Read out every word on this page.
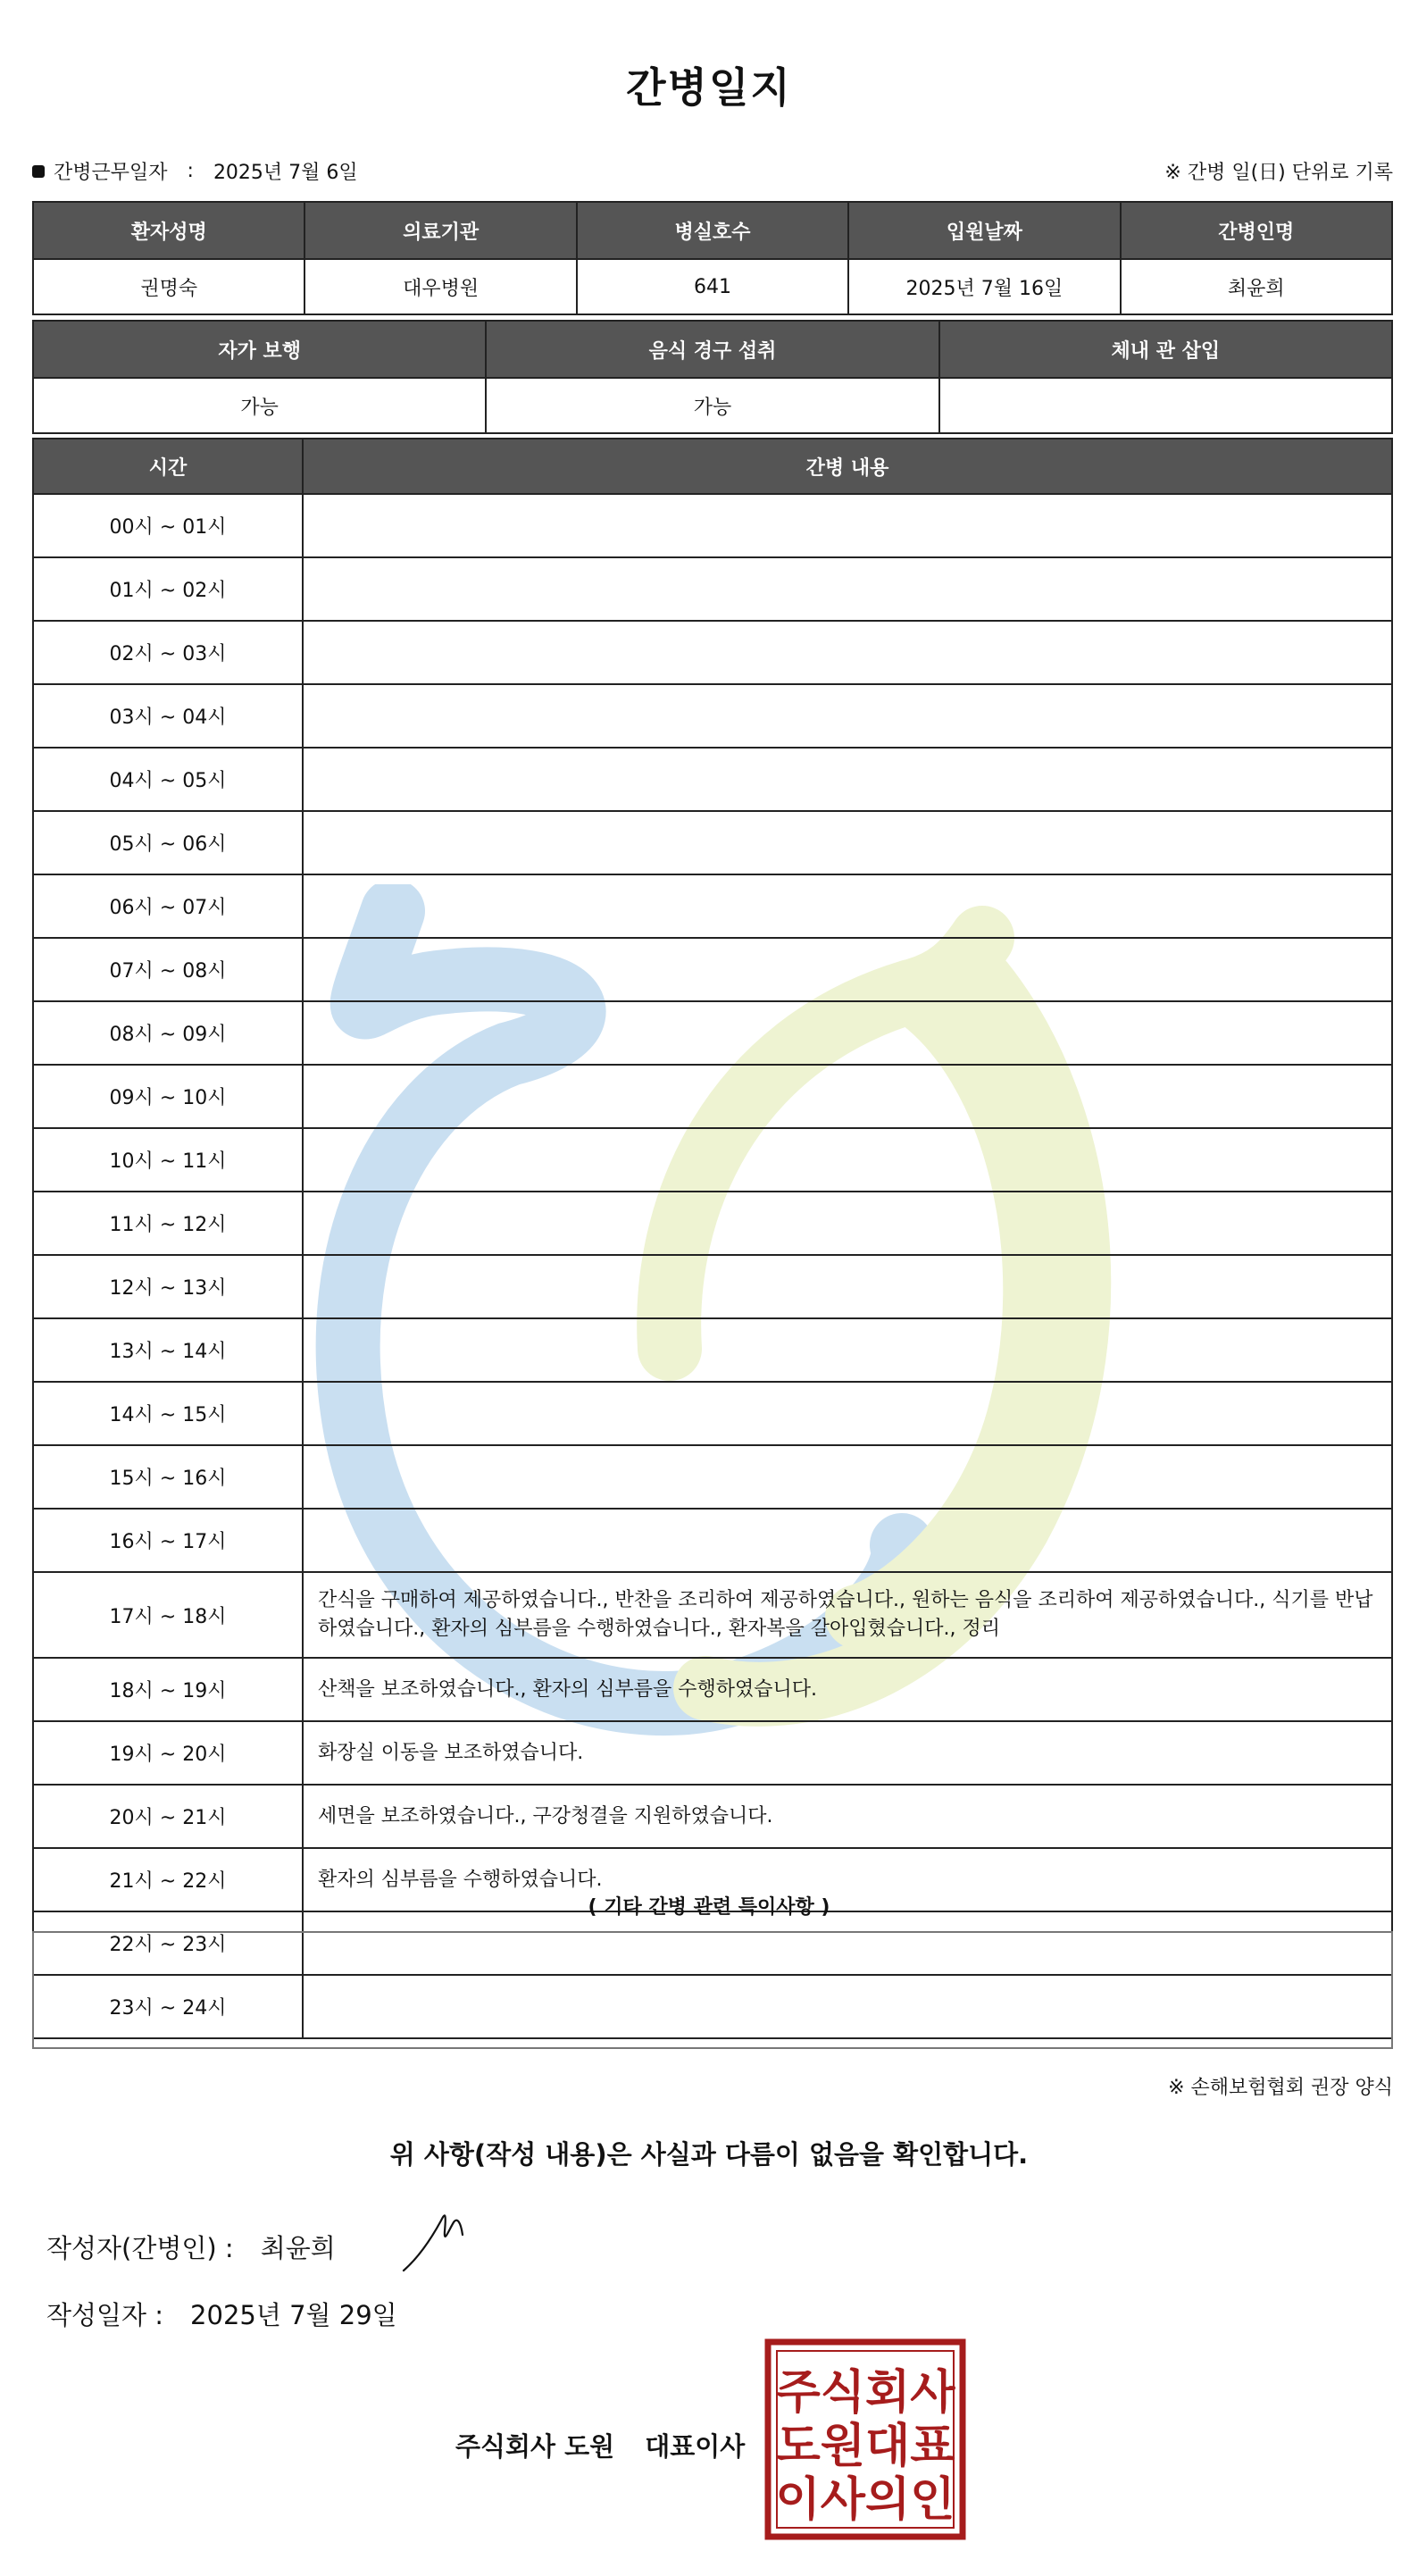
간병일지
간병근무일자 : 2025년 7월 6일	※ 간병 일(日) 단위로 기록
환자성명	의료기관	병실호수	입원날짜	간병인명
권명숙	대우병원	641	2025년 7월 16일	최윤희
자가 보행	음식 경구 섭취	체내 관 삽입
가능	가능	
시간	간병 내용
00시 ~ 01시	
01시 ~ 02시	
02시 ~ 03시	
03시 ~ 04시	
04시 ~ 05시	
05시 ~ 06시	
06시 ~ 07시	
07시 ~ 08시	
08시 ~ 09시	
09시 ~ 10시	
10시 ~ 11시	
11시 ~ 12시	
12시 ~ 13시	
13시 ~ 14시	
14시 ~ 15시	
15시 ~ 16시	
16시 ~ 17시	
17시 ~ 18시	간식을 구매하여 제공하였습니다., 반찬을 조리하여 제공하였습니다., 원하는 음식을 조리하여 제공하였습니다., 식기를 반납하였습니다., 환자의 심부름을 수행하였습니다., 환자복을 갈아입혔습니다., 정리
18시 ~ 19시	산책을 보조하였습니다., 환자의 심부름을 수행하였습니다.
19시 ~ 20시	화장실 이동을 보조하였습니다.
20시 ~ 21시	세면을 보조하였습니다., 구강청결을 지원하였습니다.
21시 ~ 22시	환자의 심부름을 수행하였습니다.
22시 ~ 23시	
23시 ~ 24시	
( 기타 간병 관련 특이사항 )
※ 손해보험협회 권장 양식
위 사항(작성 내용)은 사실과 다름이 없음을 확인합니다.
작성자(간병인) : 최윤희
작성일자 : 2025년 7월 29일
주식회사 도원 대표이사
주식회사
도원대표
이사의인
